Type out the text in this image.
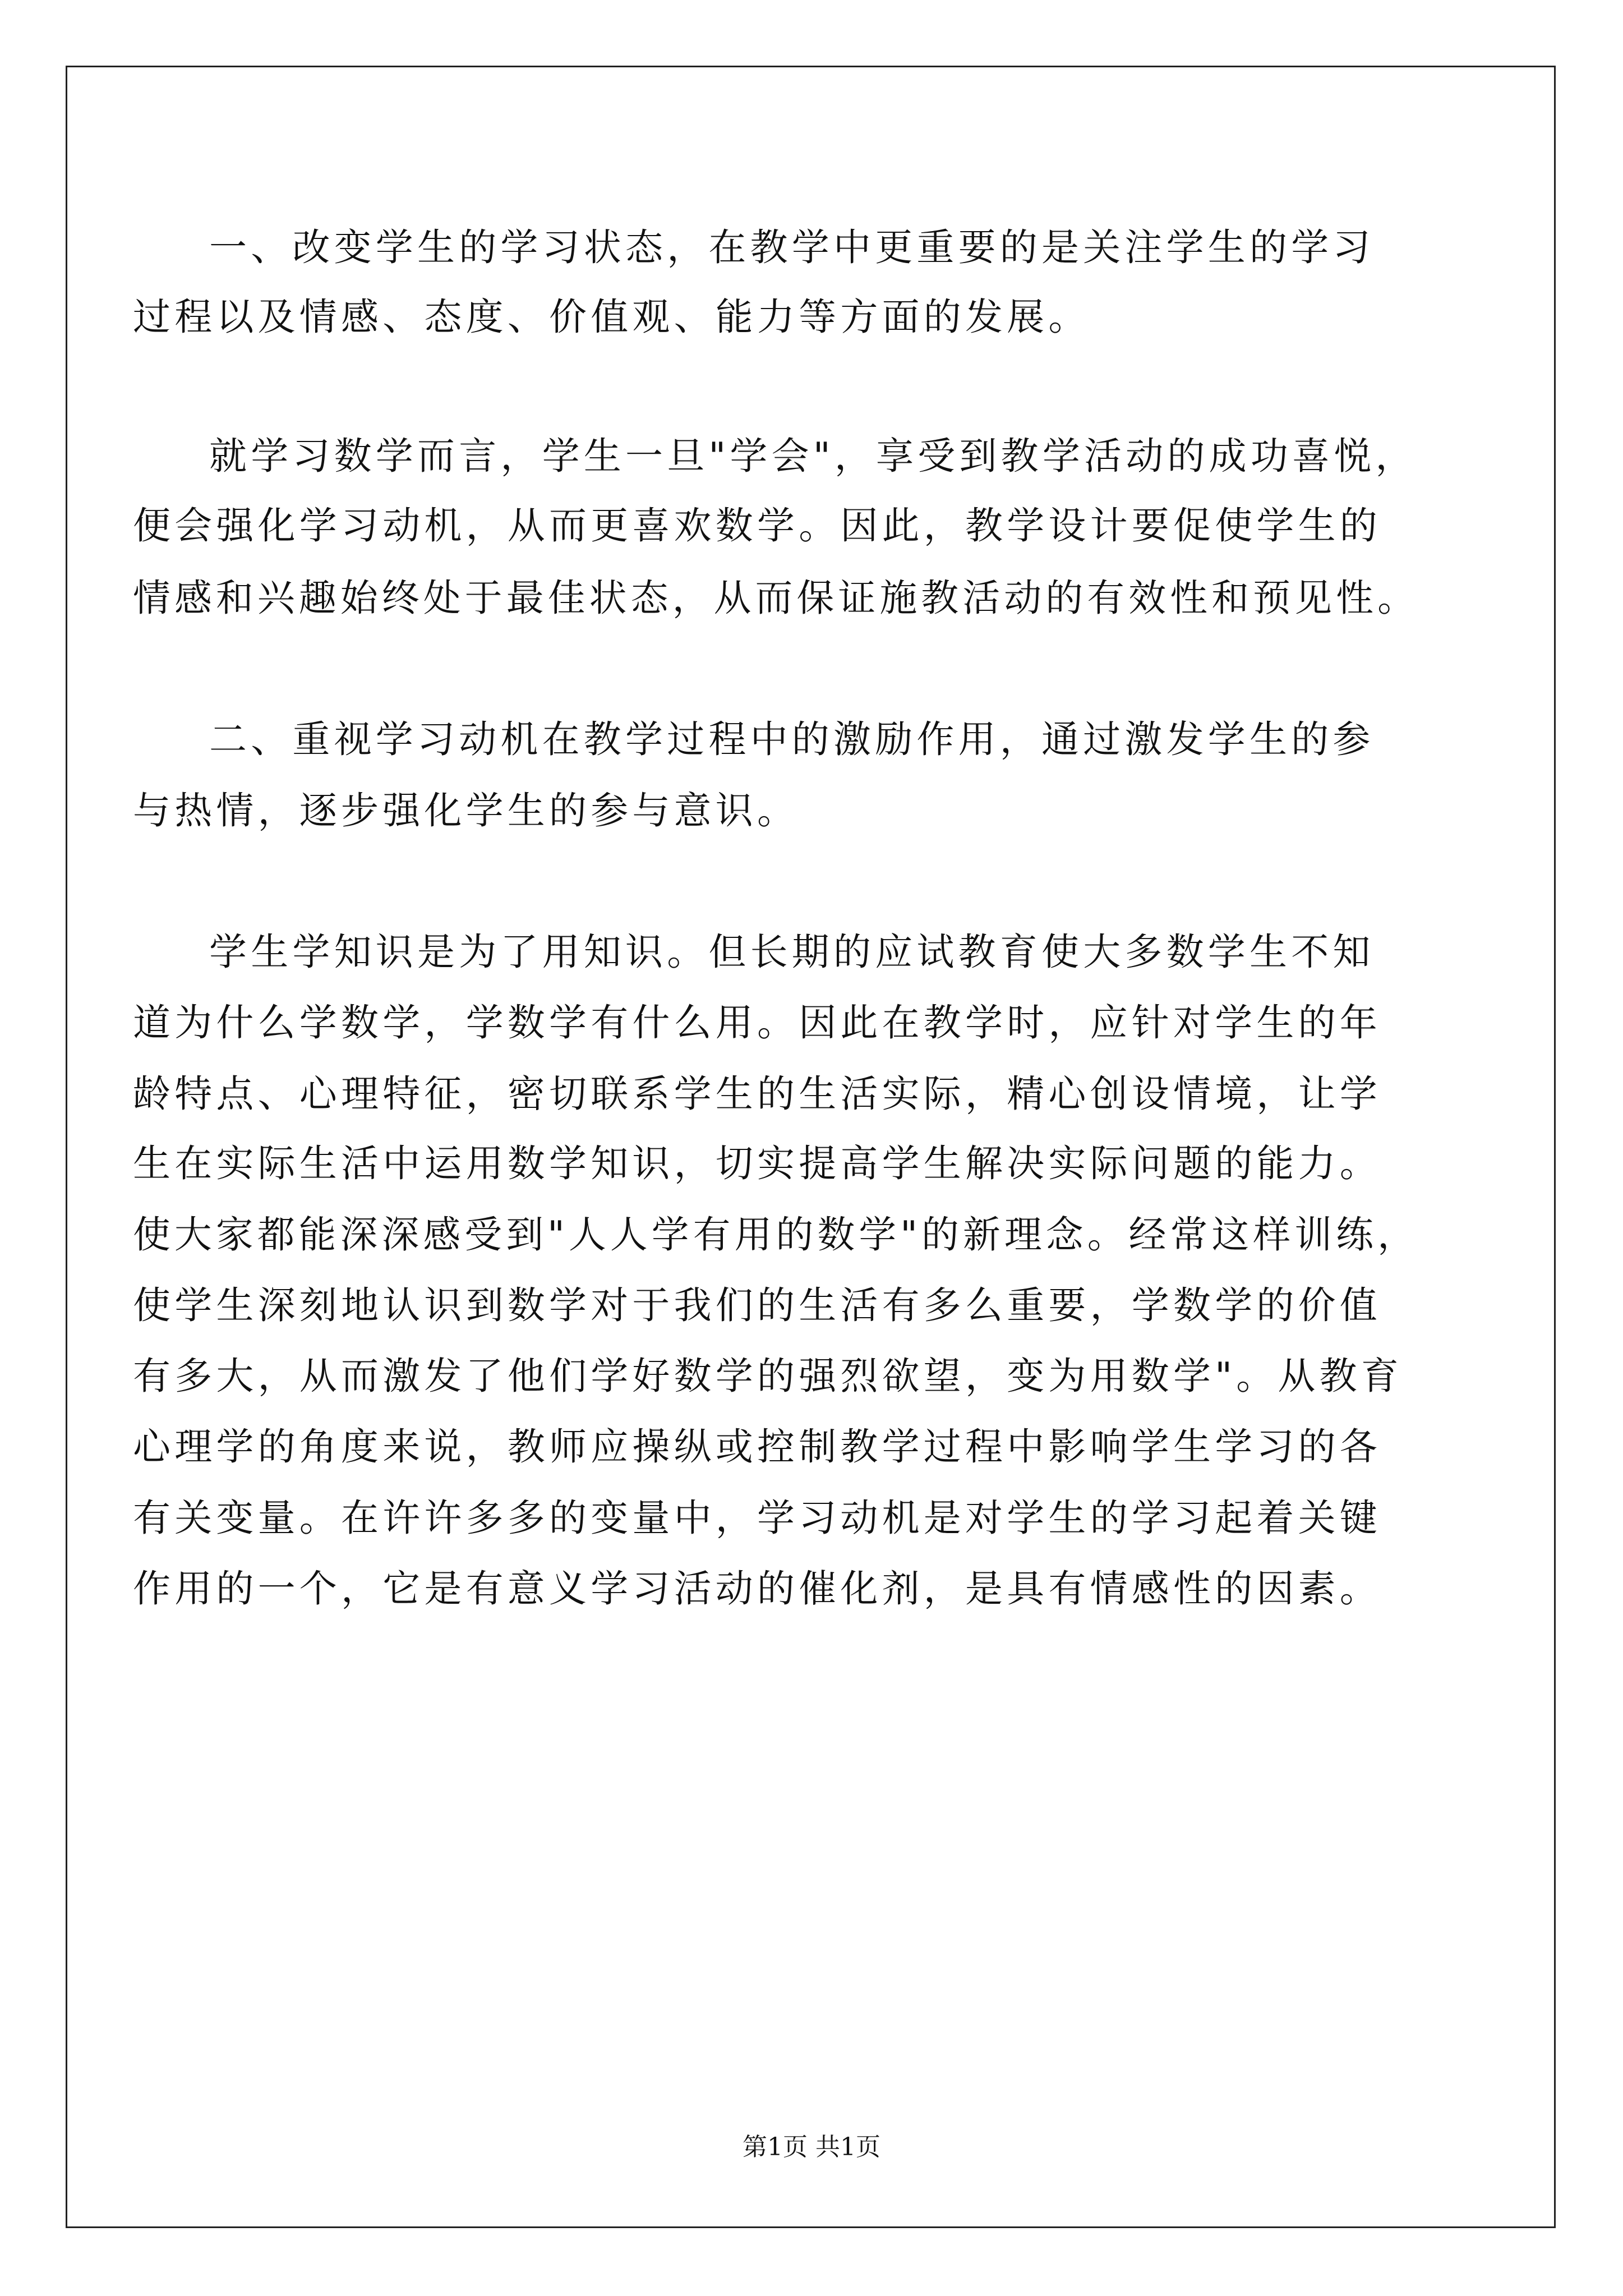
一、改变学生的学习状态，在教学中更重要的是关注学生的学习
过程以及情感、态度、价值观、能力等方面的发展。
就学习数学而言，学生一旦"学会"，享受到教学活动的成功喜悦，
便会强化学习动机，从而更喜欢数学。因此，教学设计要促使学生的
情感和兴趣始终处于最佳状态，从而保证施教活动的有效性和预见性。
二、重视学习动机在教学过程中的激励作用，通过激发学生的参
与热情，逐步强化学生的参与意识。
学生学知识是为了用知识。但长期的应试教育使大多数学生不知
道为什么学数学，学数学有什么用。因此在教学时，应针对学生的年
龄特点、心理特征，密切联系学生的生活实际，精心创设情境，让学
生在实际生活中运用数学知识，切实提高学生解决实际问题的能力。
使大家都能深深感受到"人人学有用的数学"的新理念。经常这样训练，
使学生深刻地认识到数学对于我们的生活有多么重要，学数学的价值
有多大，从而激发了他们学好数学的强烈欲望，变为用数学"。从教育
心理学的角度来说，教师应操纵或控制教学过程中影响学生学习的各
有关变量。在许许多多的变量中，学习动机是对学生的学习起着关键
作用的一个，它是有意义学习活动的催化剂，是具有情感性的因素。
第1页 共1页
